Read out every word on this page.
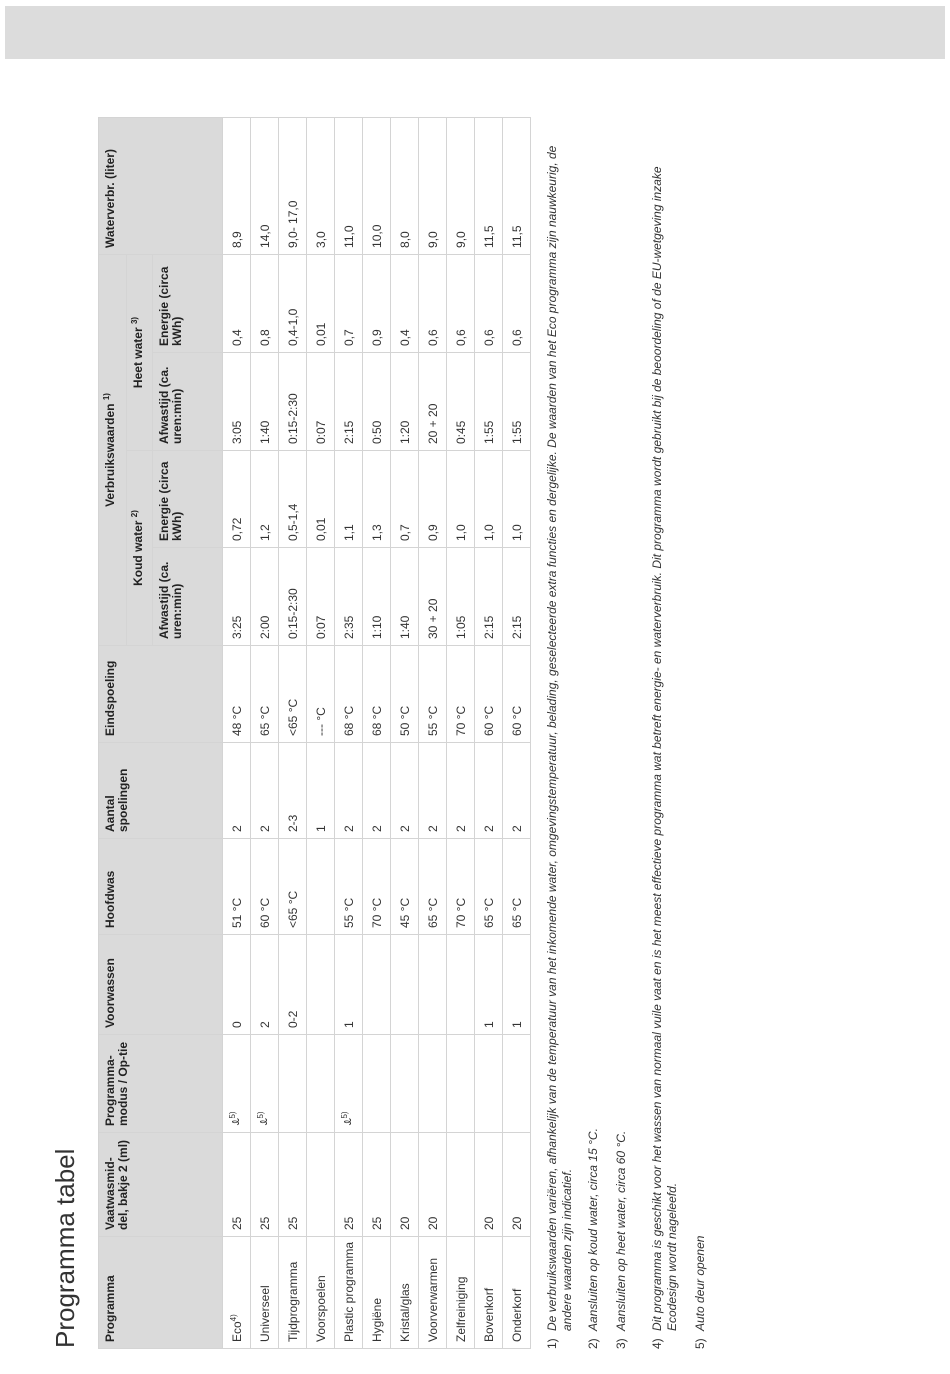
Programma tabel Programma	Vaatwasmid-del, bakje 2 (ml)	Programma-modus / Op-tie	Voorwassen	Hoofdwas	Aantal spoelingen	Eindspoeling	Verbruikswaarden $^{1)}$				Waterverbr. (liter)
							Koud water $^{2)}$		Heet water $^{3)}$
							Afwastijd (ca. uren:min)	Energie (circa kWh)	Afwastijd (ca. uren:min)	Energie (circa kWh)	
Eco$^{4)}$	25	ꕊ$^{5)}$	0	51 °C	2	48 °C	3:25	0,72	3:05	0,4	8,9
Universeel	25	ꕊ$^{5)}$	2	60 °C	2	65 °C	2:00	1,2	1:40	0,8	14,0
Tijdprogramma	25		0-2	<65 °C	2-3	<65 °C	0:15-2:30	0,5-1,4	0:15-2:30	0,4-1,0	9,0- 17,0
Voorspoelen					1	--- °C	0:07	0,01	0:07	0,01	3,0
Plastic programma	25	ꕊ$^{5)}$	1	55 °C	2	68 °C	2:35	1,1	2:15	0,7	11,0
Hygiëne	25			70 °C	2	68 °C	1:10	1,3	0:50	0,9	10,0
Kristal/glas	20			45 °C	2	50 °C	1:40	0,7	1:20	0,4	8,0
Voorverwarmen	20			65 °C	2	55 °C	30 + 20	0,9	20 + 20	0,6	9,0
Zelfreiniging				70 °C	2	70 °C	1:05	1,0	0:45	0,6	9,0
Bovenkorf	20		1	65 °C	2	60 °C	2:15	1,0	1:55	0,6	11,5
Onderkorf	20		1	65 °C	2	60 °C	2:15	1,0	1:55	0,6	11,5
1)
De verbruikswaarden variëren, afhankelijk van de temperatuur van het inkomende water, omgevingstemperatuur, belading, geselecteerde extra functies en dergelijke. De waarden van het Eco programma zijn nauwkeurig, de andere waarden zijn indicatief.
2)
Aansluiten op koud water, circa 15 °C.
3)
Aansluiten op heet water, circa 60 °C.
4)
Dit programma is geschikt voor het wassen van normaal vuile vaat en is het meest effectieve programma wat betreft energie- en waterverbruik. Dit programma wordt gebruikt bij de beoordeling of de EU-wetgeving inzake Ecodesign wordt nageleefd.
5)
Auto deur openen
